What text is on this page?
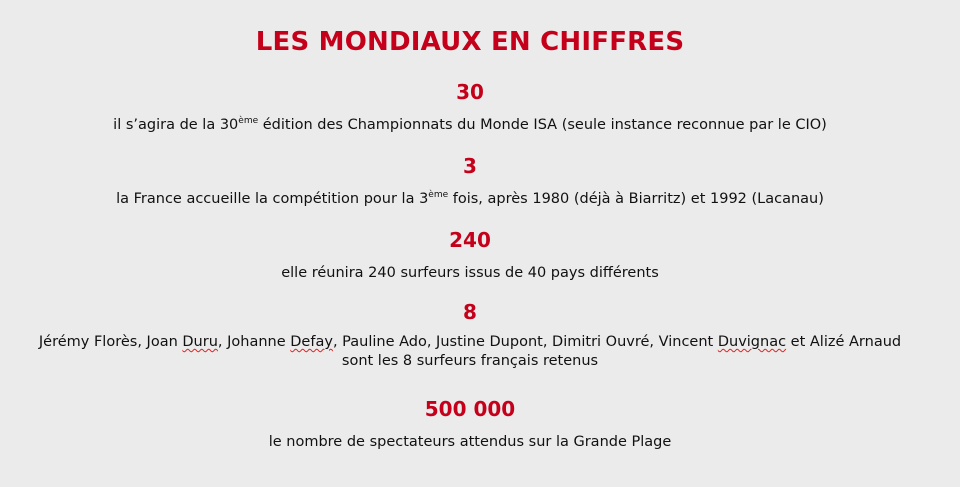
LES MONDIAUX EN CHIFFRES
30
il s’agira de la 30ème édition des Championnats du Monde ISA (seule instance reconnue par le CIO)
3
la France accueille la compétition pour la 3ème fois, après 1980 (déjà à Biarritz) et 1992 (Lacanau)
240
elle réunira 240 surfeurs issus de 40 pays différents
8
Jérémy Florès, Joan Duru, Johanne Defay, Pauline Ado, Justine Dupont, Dimitri Ouvré, Vincent Duvignac et Alizé Arnaud sont les 8 surfeurs français retenus
500 000
le nombre de spectateurs attendus sur la Grande Plage
